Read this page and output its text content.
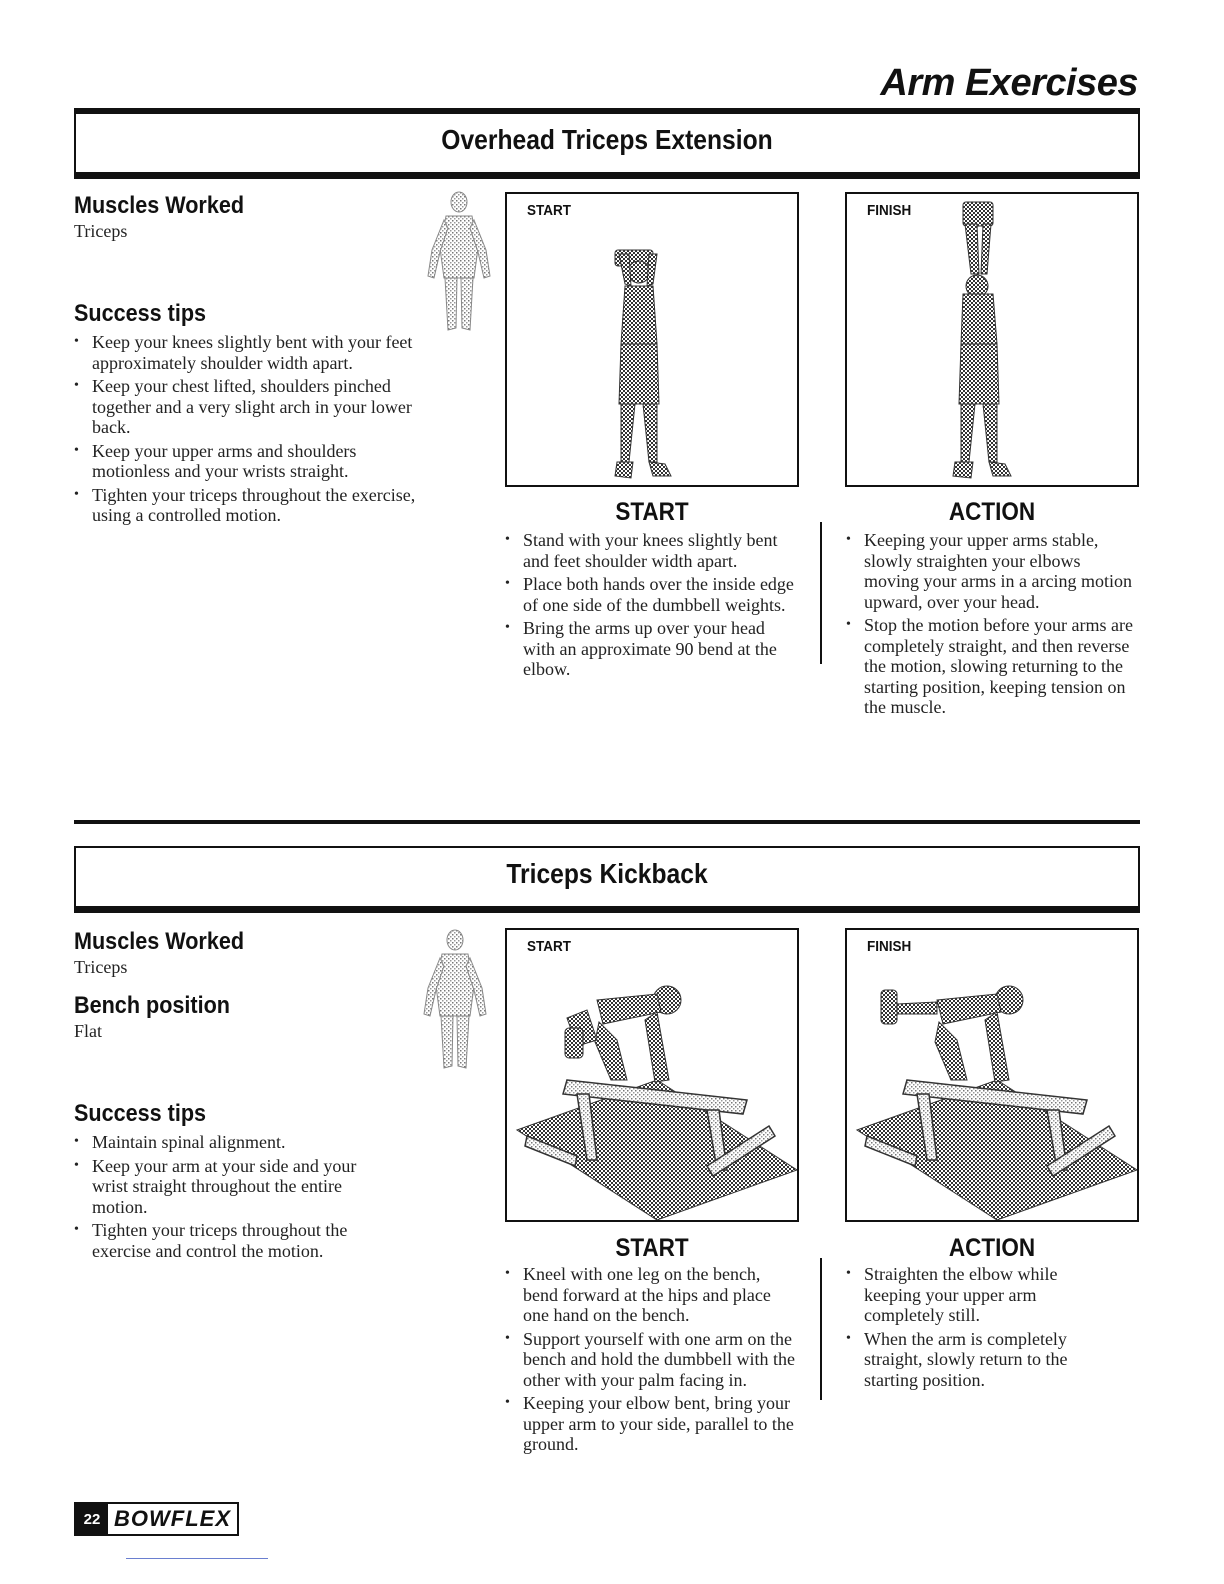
Arm Exercises
Overhead Triceps Extension
Muscles Worked
Triceps
Success tips
• Keep your knees slightly bent with your feet approximately shoulder width apart.
• Keep your chest lifted, shoulders pinched together and a very slight arch in your lower back.
• Keep your upper arms and shoulders motionless and your wrists straight.
• Tighten your triceps throughout the exercise, using a controlled motion.
START	FINISH
START
• Stand with your knees slightly bent and feet shoulder width apart.
• Place both hands over the inside edge of one side of the dumbbell weights.
• Bring the arms up over your head with an approximate 90 bend at the elbow.
ACTION
• Keeping your upper arms stable, slowly straighten your elbows moving your arms in a arcing motion upward, over your head.
• Stop the motion before your arms are completely straight, and then reverse the motion, slowing returning to the starting position, keeping tension on the muscle.
Triceps Kickback
Muscles Worked
Triceps
Bench position
Flat
Success tips
• Maintain spinal alignment.
• Keep your arm at your side and your wrist straight throughout the entire motion.
• Tighten your triceps throughout the exercise and control the motion.
START	FINISH
START
• Kneel with one leg on the bench, bend forward at the hips and place one hand on the bench.
• Support yourself with one arm on the bench and hold the dumbbell with the other with your palm facing in.
• Keeping your elbow bent, bring your upper arm to your side, parallel to the ground.
ACTION
• Straighten the elbow while keeping your upper arm completely still.
• When the arm is completely straight, slowly return to the starting position.
22 BOWFLEX
